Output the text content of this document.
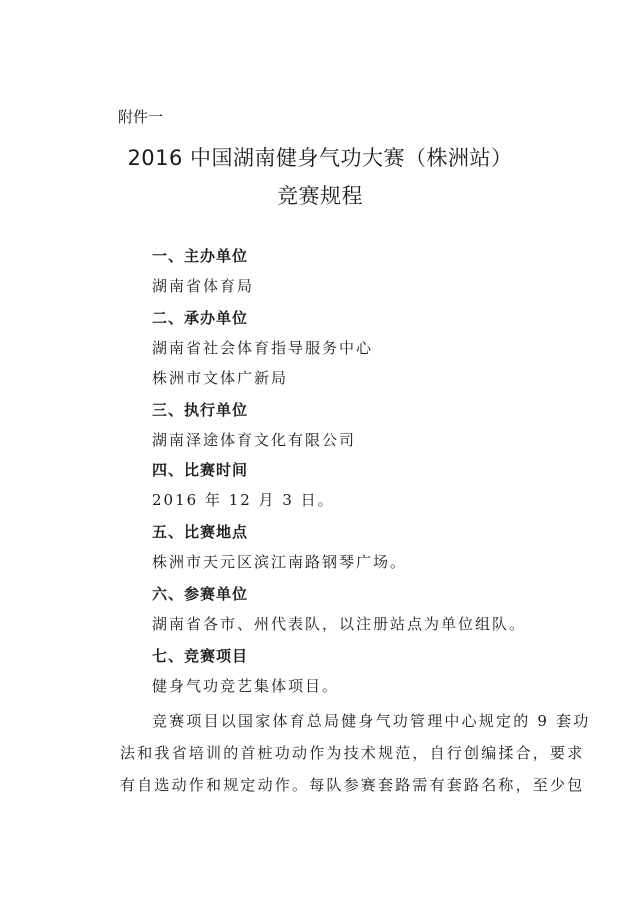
附件一
2016 中国湖南健身气功大赛（株洲站）
竞赛规程
一、主办单位
湖南省体育局
二、承办单位
湖南省社会体育指导服务中心
株洲市文体广新局
三、执行单位
湖南泽途体育文化有限公司
四、比赛时间
2016 年 12 月 3 日。
五、比赛地点
株洲市天元区滨江南路钢琴广场。
六、参赛单位
湖南省各市、州代表队，以注册站点为单位组队。
七、竞赛项目
健身气功竞艺集体项目。
竞赛项目以国家体育总局健身气功管理中心规定的 9 套功
法和我省培训的首桩功动作为技术规范，自行创编揉合，要求
有自选动作和规定动作。每队参赛套路需有套路名称，至少包
